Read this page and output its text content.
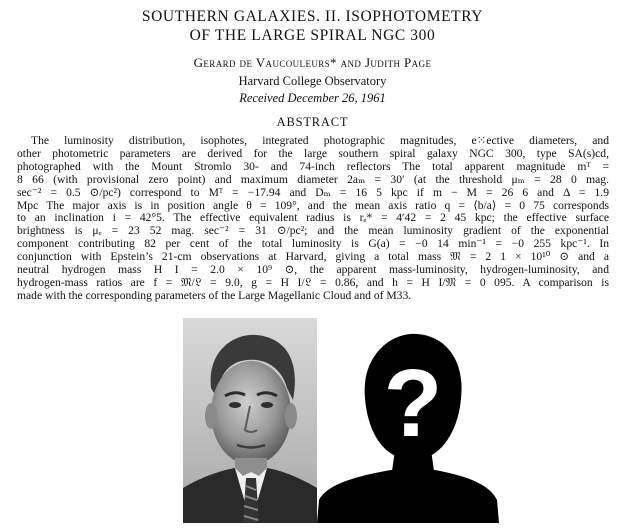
SOUTHERN GALAXIES. II. ISOPHOTOMETRY
OF THE LARGE SPIRAL NGC 300
Gerard de Vaucouleurs* and Judith Page
Harvard College Observatory
Received December 26, 1961
ABSTRACT
The luminosity distribution, isophotes, integrated photographic magnitudes, e⁙ective diameters, and
other photometric parameters are derived for the large southern spiral galaxy NGC 300, type SA(s)cd,
photographed with the Mount Stromlo 30- and 74-inch reflectors The total apparent magnitude mᵀ =
8 66 (with provisional zero point) and maximum diameter 2aₘ = 30′ (at the threshold μₘ = 28 0 mag.
sec⁻² = 0.5 ⊙/pc²) correspond to Mᵀ = −17.94 and Dₘ = 16 5 kpc if m − M = 26 6 and Δ = 1.9
Mpc The major axis is in position angle θ = 109°, and the mean axis ratio q = ⟨b/a⟩ = 0 75 corresponds
to an inclination i = 42°5. The effective equivalent radius is rₑ* = 4′42 = 2 45 kpc; the effective surface
brightness is μₑ = 23 52 mag. sec⁻² = 31 ⊙/pc²; and the mean luminosity gradient of the exponential
component contributing 82 per cent of the total luminosity is G(a) = −0 14 min⁻¹ = −0 255 kpc⁻¹. In
conjunction with Epstein’s 21-cm observations at Harvard, giving a total mass 𝔐 = 2 1 × 10¹⁰ ⊙ and a
neutral hydrogen mass H I = 2.0 × 10⁹ ⊙, the apparent mass-luminosity, hydrogen-luminosity, and
hydrogen-mass ratios are f = 𝔐/𝔏 = 9.0, g = H I/𝔏 = 0.86, and h = H I/𝔐 = 0 095. A comparison is
made with the corresponding parameters of the Large Magellanic Cloud and of M33.
?
